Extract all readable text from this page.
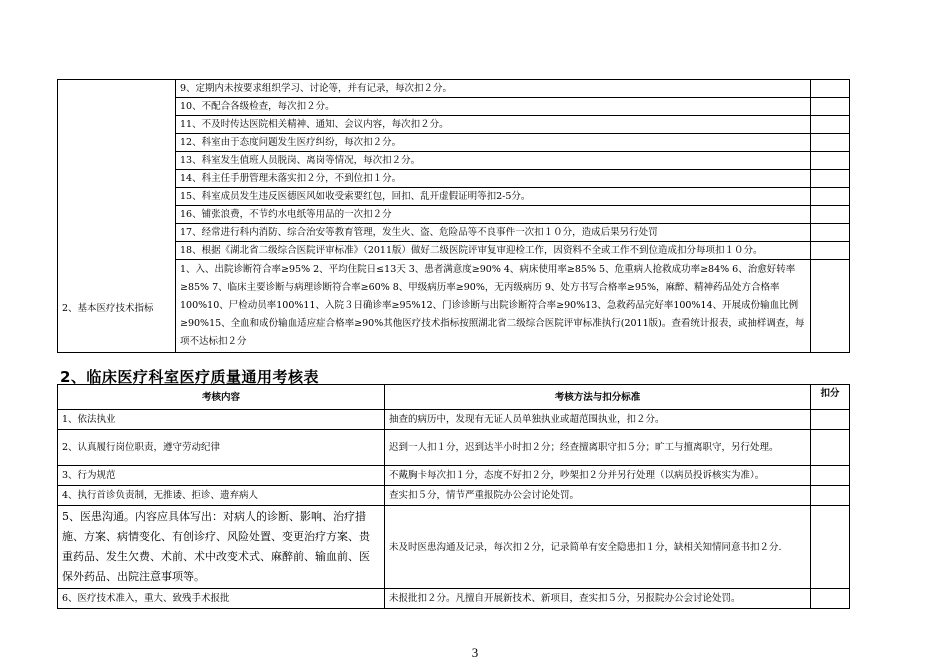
2、基本医疗技术指标	9、定期内未按要求组织学习、讨论等，并有记录，每次扣２分。	
	10、不配合各级检查，每次扣２分。	
	11、不及时传达医院相关精神、通知、会议内容，每次扣２分。	
	12、科室由于态度问题发生医疗纠纷，每次扣２分。	
	13、科室发生值班人员脱岗、离岗等情况，每次扣２分。	
	14、科主任手册管理未落实扣２分，不到位扣１分。	
	15、科室成员发生违反医德医风如收受索要红包，回扣、乱开虚假证明等扣2-5分。	
	16、铺张浪费，不节约水电纸等用品的一次扣２分	
	17、经常进行科内消防、综合治安等教育管理，发生火、盗、危险品等不良事件一次扣１０分，造成后果另行处罚	
	18、根据《湖北省二级综合医院评审标准》（2011版）做好二级医院评审复审迎检工作，因资料不全或工作不到位造成扣分每项扣１０分。	
	1、入、出院诊断符合率≥95% 2、平均住院日≤13天 3、患者满意度≥90% 4、病床使用率≥85% 5、危重病人抢救成功率≥84% 6、治愈好转率≥85% 7、临床主要诊断与病理诊断符合率≥60% 8、甲级病历率≥90%，无丙级病历 9、处方书写合格率≥95%，麻醉、精神药品处方合格率100%10、尸检动员率100%11、入院３日确诊率≥95%12、门诊诊断与出院诊断符合率≥90%13、急救药品完好率100%14、开展成份输血比例≥90%15、全血和成份输血适应症合格率≥90%其他医疗技术指标按照湖北省二级综合医院评审标准执行(2011版)。查看统计报表，或抽样调查，每项不达标扣２分	
2、临床医疗科室医疗质量通用考核表
考核内容	考核方法与扣分标准	扣分
1、依法执业	抽查的病历中，发现有无证人员单独执业或超范围执业，扣２分。	
2、认真履行岗位职责，遵守劳动纪律	迟到一人扣１分，迟到达半小时扣２分；经查擅离职守扣５分；旷工与擅离职守，另行处理。	
3、行为规范	不戴胸卡每次扣１分，态度不好扣２分，吵架扣２分并另行处理（以病员投诉核实为准）。	
4、执行首诊负责制，无推诿、拒诊、遗弃病人	查实扣５分，情节严重报院办公会讨论处罚。	
5、医患沟通。内容应具体写出：对病人的诊断、影响、治疗措施、方案、病情变化、有创诊疗、风险处置、变更治疗方案、贵重药品、发生欠费、术前、术中改变术式、麻醉前、输血前、医保外药品、出院注意事项等。	未及时医患沟通及记录，每次扣２分，记录简单有安全隐患扣１分，缺相关知情同意书扣２分.	
6、医疗技术准入，重大、致残手术报批	未报批扣２分。凡擅自开展新技术、新项目，查实扣５分，另报院办公会讨论处罚。	
3
